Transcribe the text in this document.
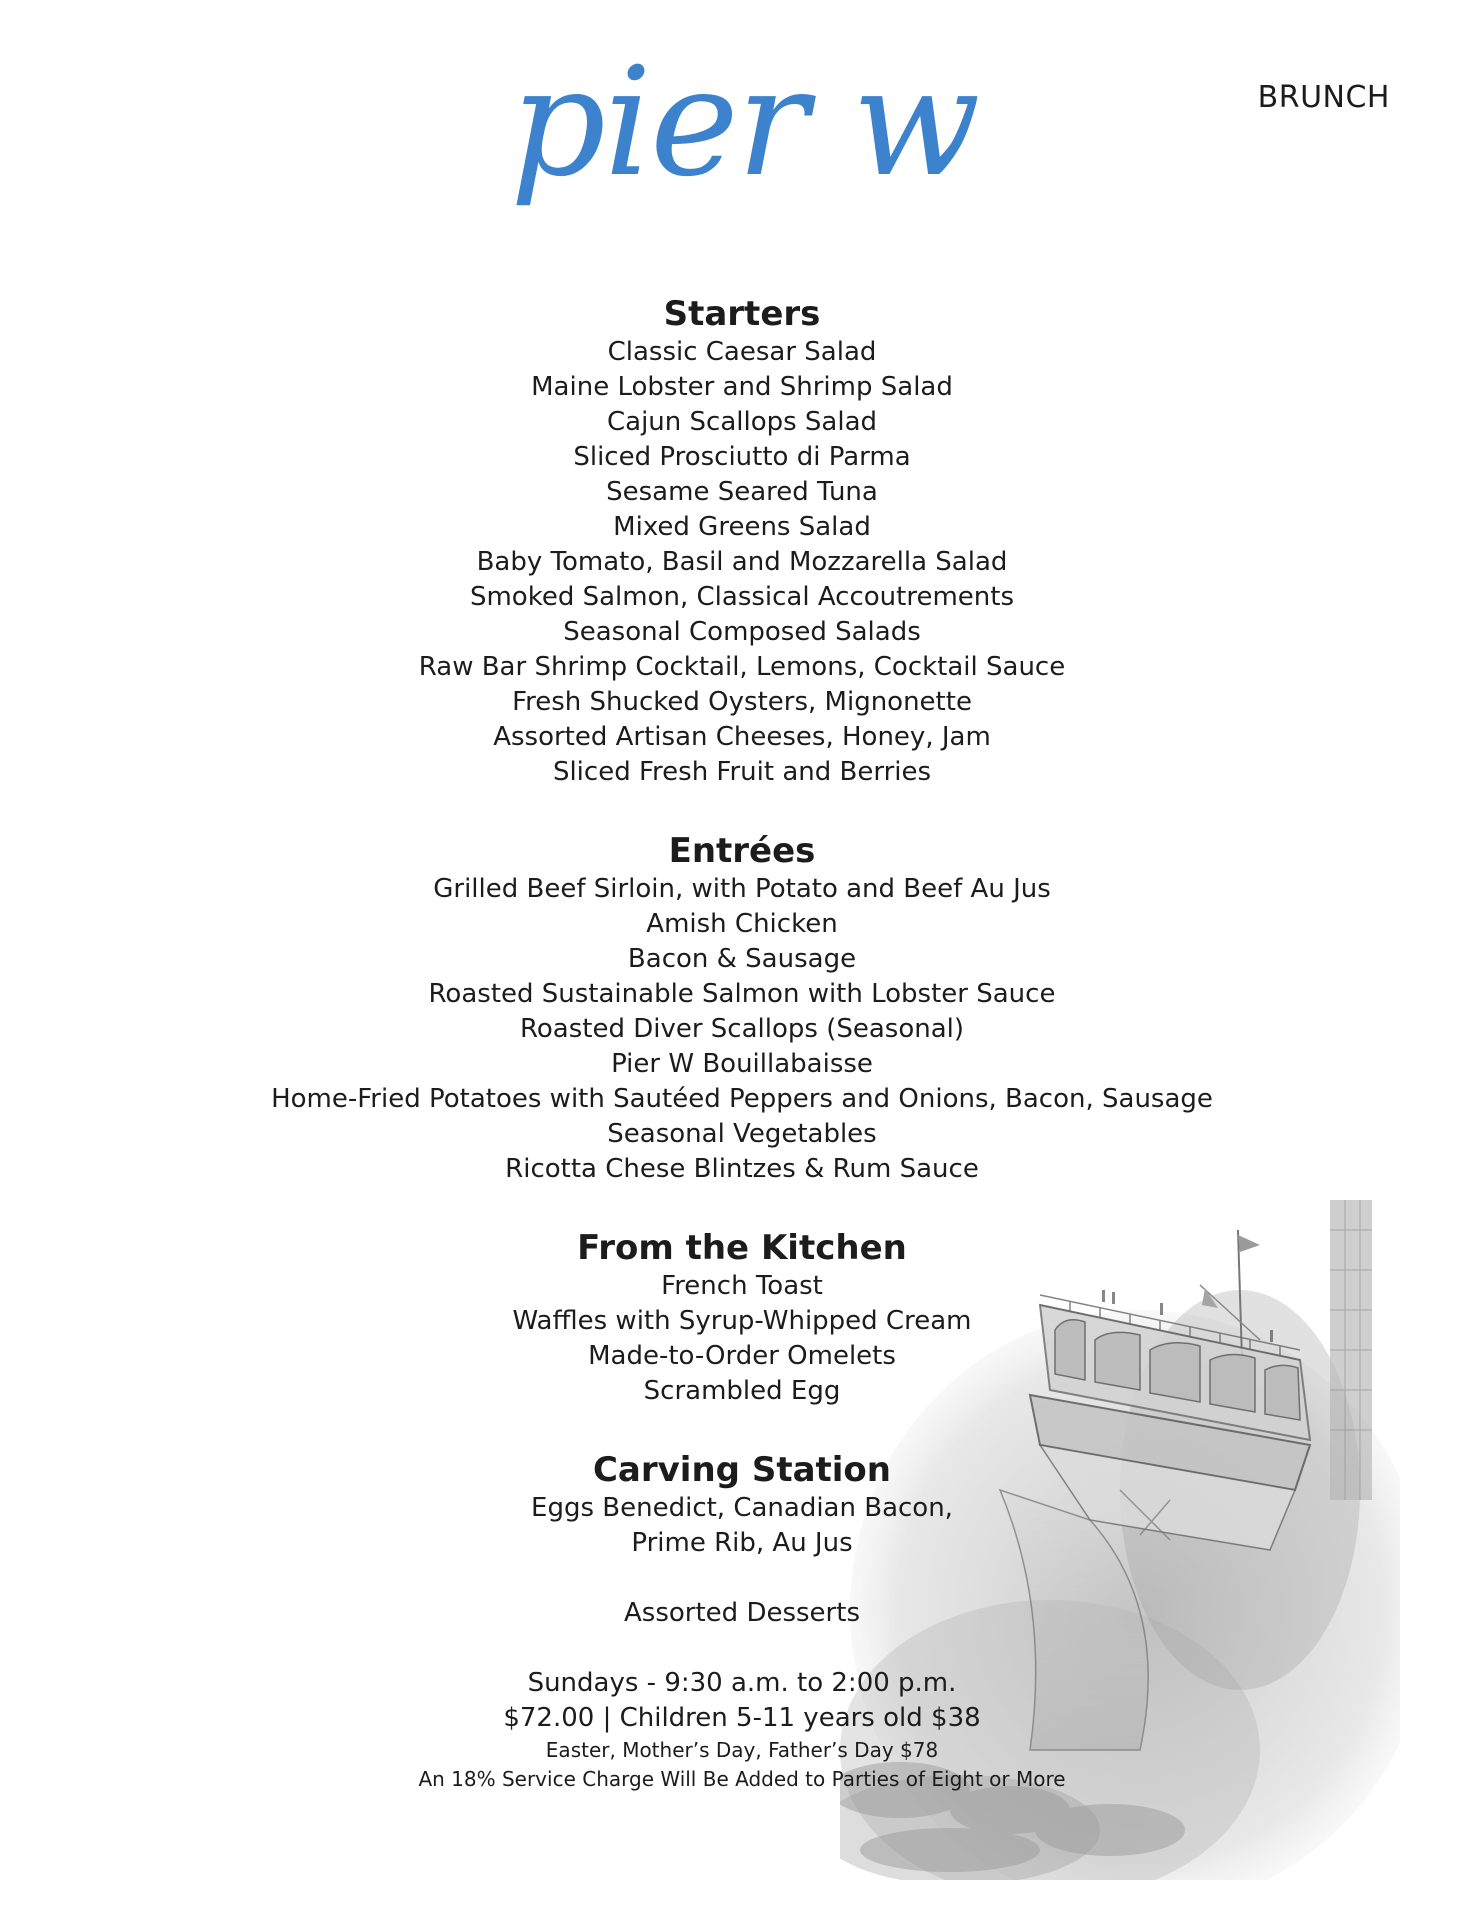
pier w	BRUNCH
Starters
Classic Caesar Salad
Maine Lobster and Shrimp Salad
Cajun Scallops Salad
Sliced Prosciutto di Parma
Sesame Seared Tuna
Mixed Greens Salad
Baby Tomato, Basil and Mozzarella Salad
Smoked Salmon, Classical Accoutrements
Seasonal Composed Salads
Raw Bar Shrimp Cocktail, Lemons, Cocktail Sauce
Fresh Shucked Oysters, Mignonette
Assorted Artisan Cheeses, Honey, Jam
Sliced Fresh Fruit and Berries
Entrées
Grilled Beef Sirloin, with Potato and Beef Au Jus
Amish Chicken
Bacon & Sausage
Roasted Sustainable Salmon with Lobster Sauce
Roasted Diver Scallops (Seasonal)
Pier W Bouillabaisse
Home-Fried Potatoes with Sautéed Peppers and Onions, Bacon, Sausage
Seasonal Vegetables
Ricotta Chese Blintzes & Rum Sauce
From the Kitchen
French Toast
Waffles with Syrup-Whipped Cream
Made-to-Order Omelets
Scrambled Egg
Carving Station
Eggs Benedict, Canadian Bacon,
Prime Rib, Au Jus
Assorted Desserts
Sundays - 9:30 a.m. to 2:00 p.m.
$72.00 | Children 5-11 years old $38
Easter, Mother’s Day, Father’s Day $78
An 18% Service Charge Will Be Added to Parties of Eight or More
